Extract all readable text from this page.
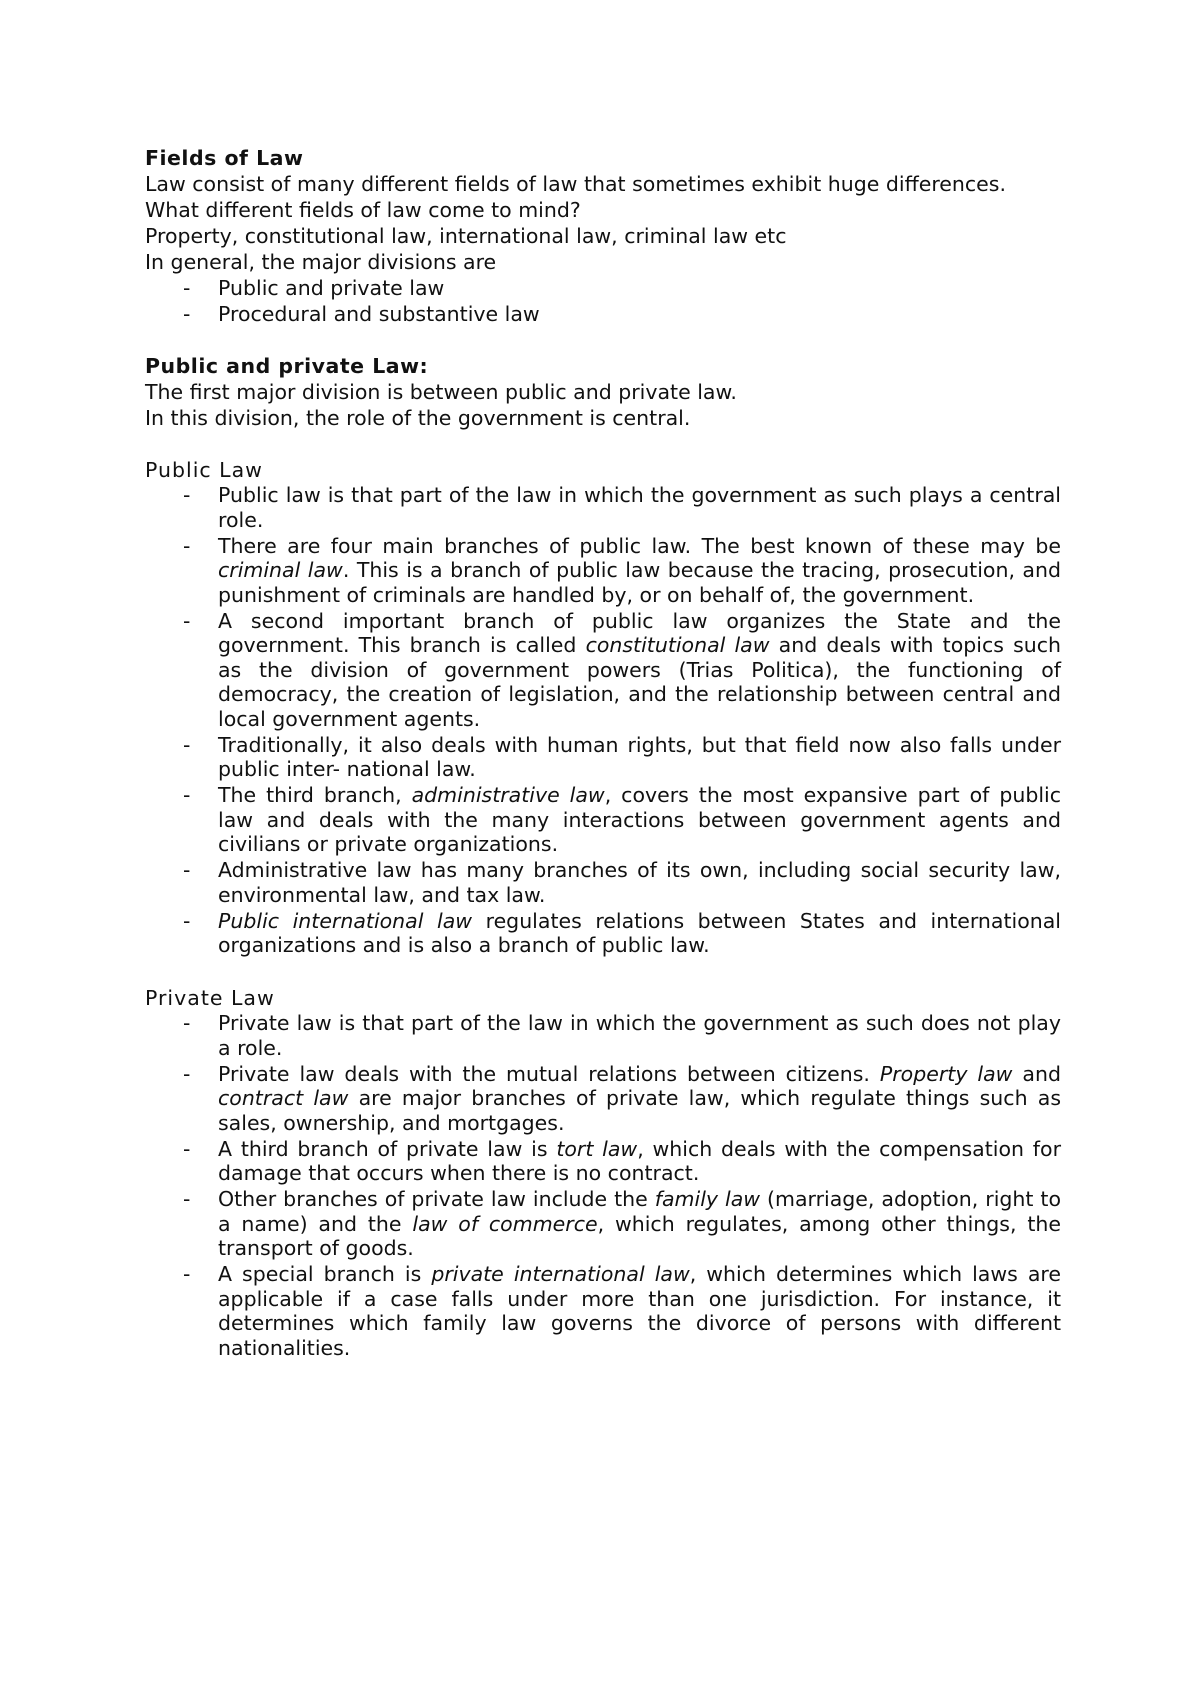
Fields of Law

Law consist of many different fields of law that sometimes exhibit huge differences.

What different fields of law come to mind?

Property, constitutional law, international law, criminal law etc

In general, the major divisions are

- Public and private law
- Procedural and substantive law

Public and private Law:

The first major division is between public and private law.

In this division, the role of the government is central.

Public Law

- Public law is that part of the law in which the government as such plays a central role.
- There are four main branches of public law. The best known of these may be criminal law. This is a branch of public law because the tracing, prosecution, and punishment of criminals are handled by, or on behalf of, the government.
- A second important branch of public law organizes the State and the government. This branch is called constitutional law and deals with topics such as the division of government powers (Trias Politica), the functioning of democracy, the creation of legislation, and the relationship between central and local government agents.
- Traditionally, it also deals with human rights, but that field now also falls under public inter- national law.
- The third branch, administrative law, covers the most expansive part of public law and deals with the many interactions between government agents and civilians or private organizations.
- Administrative law has many branches of its own, including social security law, environmental law, and tax law.
- Public international law regulates relations between States and international organizations and is also a branch of public law.

Private Law

- Private law is that part of the law in which the government as such does not play a role.
- Private law deals with the mutual relations between citizens. Property law and contract law are major branches of private law, which regulate things such as sales, ownership, and mortgages.
- A third branch of private law is tort law, which deals with the compensation for damage that occurs when there is no contract.
- Other branches of private law include the family law (marriage, adoption, right to a name) and the law of commerce, which regulates, among other things, the transport of goods.
- A special branch is private international law, which determines which laws are applicable if a case falls under more than one jurisdiction. For instance, it determines which family law governs the divorce of persons with different nationalities.
